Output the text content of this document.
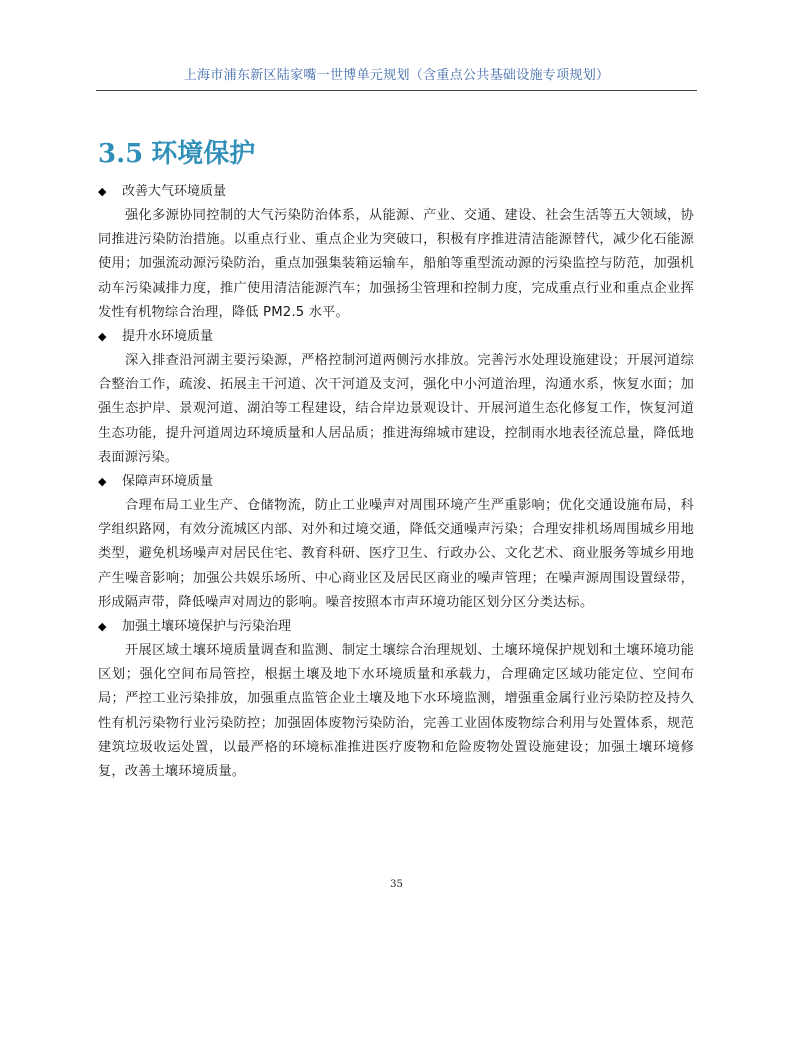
上海市浦东新区陆家嘴一世博单元规划（含重点公共基础设施专项规划）
3.5 环境保护
◆ 改善大气环境质量

强化多源协同控制的大气污染防治体系，从能源、产业、交通、建设、社会生活等五大领域，协同推进污染防治措施。以重点行业、重点企业为突破口，积极有序推进清洁能源替代，减少化石能源使用；加强流动源污染防治，重点加强集装箱运输车，船舶等重型流动源的污染监控与防范，加强机动车污染减排力度，推广使用清洁能源汽车；加强扬尘管理和控制力度，完成重点行业和重点企业挥发性有机物综合治理，降低 PM2.5 水平。

◆ 提升水环境质量

深入排查沿河湖主要污染源，严格控制河道两侧污水排放。完善污水处理设施建设；开展河道综合整治工作，疏浚、拓展主干河道、次干河道及支河，强化中小河道治理，沟通水系，恢复水面；加强生态护岸、景观河道、湖泊等工程建设，结合岸边景观设计、开展河道生态化修复工作，恢复河道生态功能，提升河道周边环境质量和人居品质；推进海绵城市建设，控制雨水地表径流总量，降低地表面源污染。

◆ 保障声环境质量

合理布局工业生产、仓储物流，防止工业噪声对周围环境产生严重影响；优化交通设施布局，科学组织路网，有效分流城区内部、对外和过境交通，降低交通噪声污染；合理安排机场周围城乡用地类型，避免机场噪声对居民住宅、教育科研、医疗卫生、行政办公、文化艺术、商业服务等城乡用地产生噪音影响；加强公共娱乐场所、中心商业区及居民区商业的噪声管理；在噪声源周围设置绿带，形成隔声带，降低噪声对周边的影响。噪音按照本市声环境功能区划分区分类达标。

◆ 加强土壤环境保护与污染治理

开展区域土壤环境质量调查和监测、制定土壤综合治理规划、土壤环境保护规划和土壤环境功能区划；强化空间布局管控，根据土壤及地下水环境质量和承载力，合理确定区域功能定位、空间布局；严控工业污染排放，加强重点监管企业土壤及地下水环境监测，增强重金属行业污染防控及持久性有机污染物行业污染防控；加强固体废物污染防治，完善工业固体废物综合利用与处置体系，规范建筑垃圾收运处置，以最严格的环境标准推进医疗废物和危险废物处置设施建设；加强土壤环境修复，改善土壤环境质量。

35
